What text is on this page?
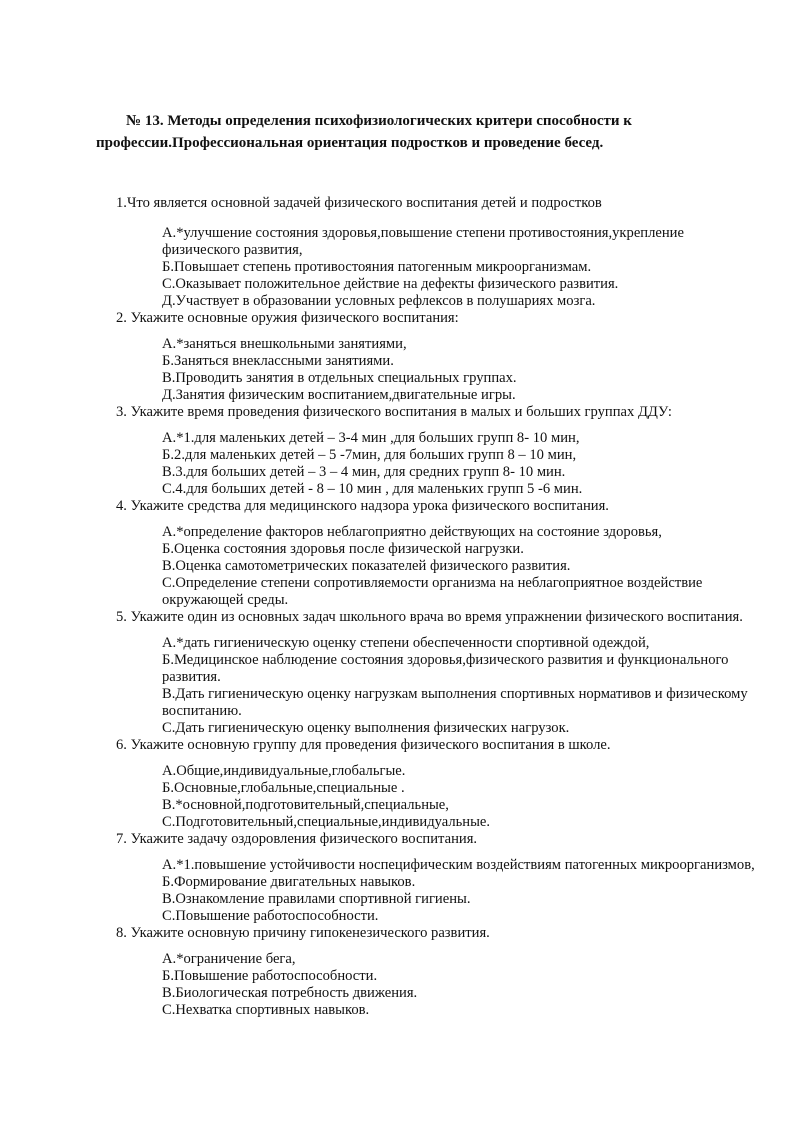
№ 13. Методы определения психофизиологических критери способности к
профессии.Профессиональная ориентация подростков и проведение бесед.

1.Что является основной задачей физического воспитания детей и подростков

А.*улучшение состояния здоровья,повышение степени противостояния,укрепление физического развития,
Б.Повышает степень противостояния патогенным микроорганизмам.
С.Оказывает положительное действие на дефекты физического развития.
Д.Участвует в образовании условных рефлексов в полушариях мозга.

2. Укажите основные оружия физического воспитания:

А.*заняться внешкольными занятиями,
Б.Заняться внеклассными занятиями.
В.Проводить занятия в отдельных специальных группах.
Д.Занятия физическим воспитанием,двигательные игры.

3. Укажите время проведения физического воспитания в малых и больших группах ДДУ:

А.*1.для маленьких детей – 3-4 мин ,для больших групп 8- 10 мин,
Б.2.для маленьких детей – 5 -7мин, для больших групп 8 – 10 мин,
В.3.для больших детей – 3 – 4 мин, для средних групп 8- 10 мин.
С.4.для больших детей - 8 – 10 мин , для маленьких групп 5 -6 мин.

4. Укажите средства для медицинского надзора урока физического воспитания.

А.*определение факторов неблагоприятно действующих на состояние здоровья,
Б.Оценка состояния здоровья после физической нагрузки.
В.Оценка самотометрических показателей физического развития.
С.Определение степени сопротивляемости организма на неблагоприятное воздействие окружающей среды.

5. Укажите один из основных задач школьного врача во время упражнении физического воспитания.

А.*дать гигиеническую оценку степени обеспеченности спортивной одеждой,
Б.Медицинское наблюдение состояния здоровья,физического развития и функционального развития.
В.Дать гигиеническую оценку нагрузкам выполнения спортивных нормативов и физическому воспитанию.
С.Дать гигиеническую оценку выполнения физических нагрузок.

6. Укажите основную группу для проведения физического воспитания в школе.

А.Общие,индивидуальные,глобальгые.
Б.Основные,глобальные,специальные .
В.*основной,подготовительный,специальные,
С.Подготовительный,специальные,индивидуальные.

7. Укажите задачу оздоровления физического воспитания.

А.*1.повышение устойчивости носпецифическим воздействиям патогенных микроорганизмов,
Б.Формирование двигательных навыков.
В.Ознакомление правилами спортивной гигиены.
С.Повышение работоспособности.

8. Укажите основную причину гипокенезического развития.

А.*ограничение бега,
Б.Повышение работоспособности.
В.Биологическая потребность движения.
С.Нехватка спортивных навыков.
